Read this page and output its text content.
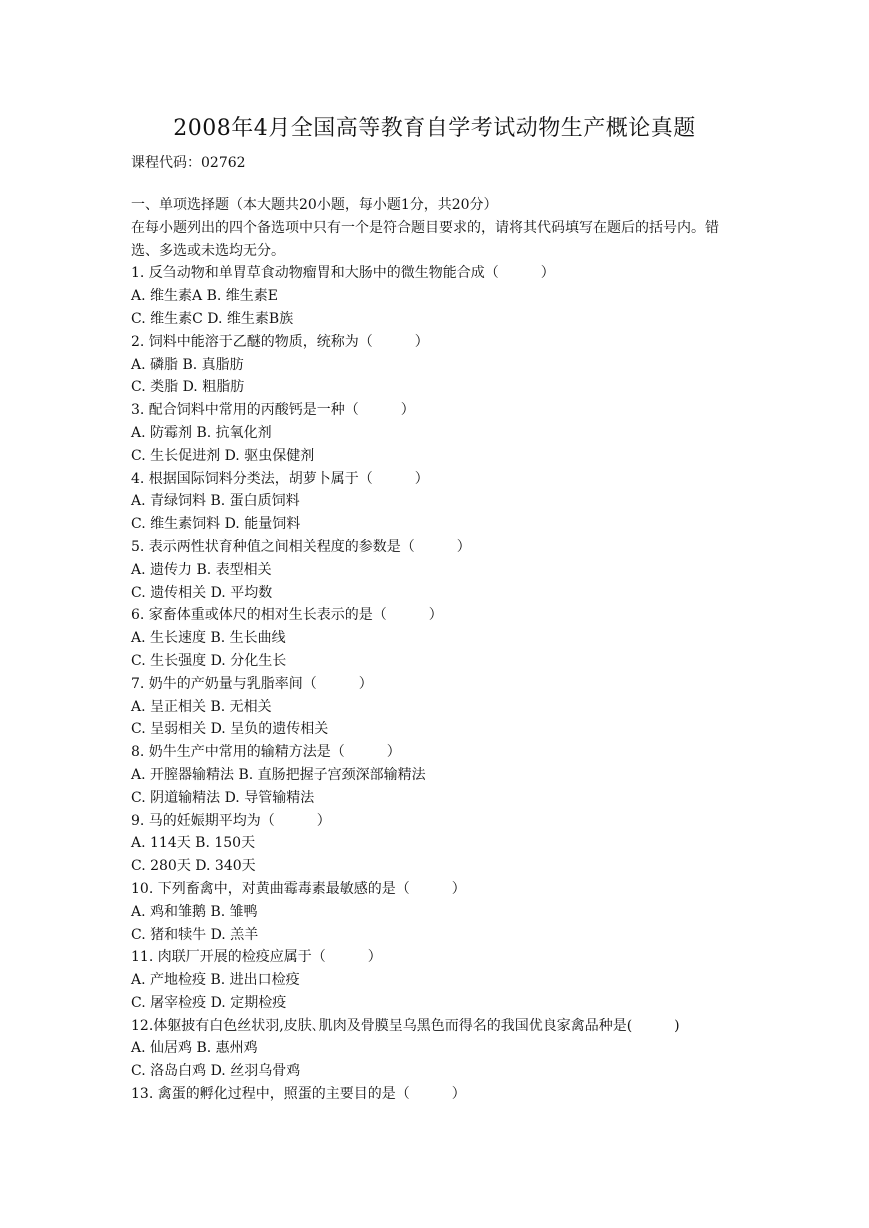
2008年4月全国高等教育自学考试动物生产概论真题
课程代码：02762
一、单项选择题（本大题共20小题，每小题1分，共20分）
在每小题列出的四个备选项中只有一个是符合题目要求的，请将其代码填写在题后的括号内。错选、多选或未选均无分。
1. 反刍动物和单胃草食动物瘤胃和大肠中的微生物能合成（　　　）
A. 维生素A B. 维生素E
C. 维生素C D. 维生素B族
2. 饲料中能溶于乙醚的物质，统称为（　　　）
A. 磷脂 B. 真脂肪
C. 类脂 D. 粗脂肪
3. 配合饲料中常用的丙酸钙是一种（　　　）
A. 防霉剂 B. 抗氧化剂
C. 生长促进剂 D. 驱虫保健剂
4. 根据国际饲料分类法，胡萝卜属于（　　　）
A. 青绿饲料 B. 蛋白质饲料
C. 维生素饲料 D. 能量饲料
5. 表示两性状育种值之间相关程度的参数是（　　　）
A. 遗传力 B. 表型相关
C. 遗传相关 D. 平均数
6. 家畜体重或体尺的相对生长表示的是（　　　）
A. 生长速度 B. 生长曲线
C. 生长强度 D. 分化生长
7. 奶牛的产奶量与乳脂率间（　　　）
A. 呈正相关 B. 无相关
C. 呈弱相关 D. 呈负的遗传相关
8. 奶牛生产中常用的输精方法是（　　　）
A. 开膣器输精法 B. 直肠把握子宫颈深部输精法
C. 阴道输精法 D. 导管输精法
9. 马的妊娠期平均为（　　　）
A. 114天 B. 150天
C. 280天 D. 340天
10. 下列畜禽中，对黄曲霉毒素最敏感的是（　　　）
A. 鸡和雏鹅 B. 雏鸭
C. 猪和犊牛 D. 羔羊
11. 肉联厂开展的检疫应属于（　　　）
A. 产地检疫 B. 进出口检疫
C. 屠宰检疫 D. 定期检疫
12.体躯披有白色丝状羽,皮肤､肌肉及骨膜呈乌黑色而得名的我国优良家禽品种是(　　　)
A. 仙居鸡 B. 惠州鸡
C. 洛岛白鸡 D. 丝羽乌骨鸡
13. 禽蛋的孵化过程中，照蛋的主要目的是（　　　）
